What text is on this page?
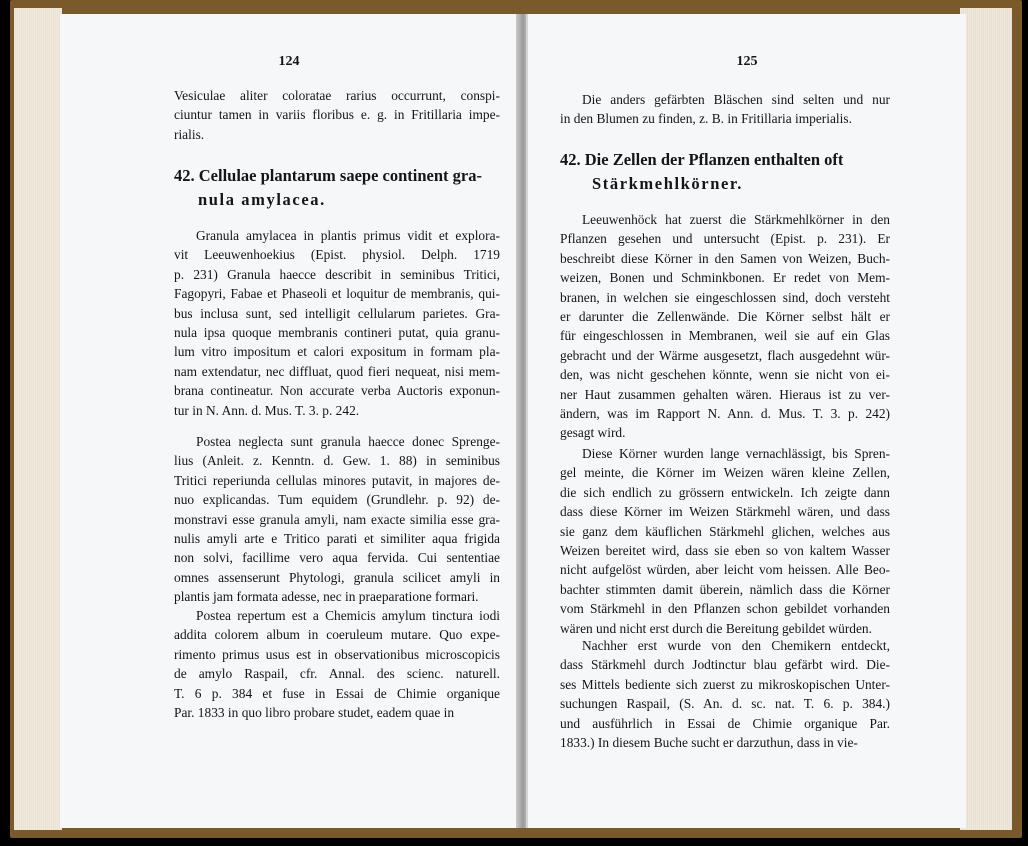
124
Vesiculae aliter coloratae rarius occurrunt, conspi-
ciuntur tamen in variis floribus e. g. in Fritillaria impe-
rialis.
42. Cellulae plantarum saepe continent gra-
nula amylacea.
Granula amylacea in plantis primus vidit et explora-
vit Leeuwenhoekius (Epist. physiol. Delph. 1719
p. 231) Granula haecce describit in seminibus Tritici,
Fagopyri, Fabae et Phaseoli et loquitur de membranis, qui-
bus inclusa sunt, sed intelligit cellularum parietes. Gra-
nula ipsa quoque membranis contineri putat, quia granu-
lum vitro impositum et calori expositum in formam pla-
nam extendatur, nec diffluat, quod fieri nequeat, nisi mem-
brana contineatur. Non accurate verba Auctoris exponun-
tur in N. Ann. d. Mus. T. 3. p. 242.
Postea neglecta sunt granula haecce donec Sprenge-
lius (Anleit. z. Kenntn. d. Gew. 1. 88) in seminibus
Tritici reperiunda cellulas minores putavit, in majores de-
nuo explicandas. Tum equidem (Grundlehr. p. 92) de-
monstravi esse granula amyli, nam exacte similia esse gra-
nulis amyli arte e Tritico parati et similiter aqua frigida
non solvi, facillime vero aqua fervida. Cui sententiae
omnes assenserunt Phytologi, granula scilicet amyli in
plantis jam formata adesse, nec in praeparatione formari.
Postea repertum est a Chemicis amylum tinctura iodi
addita colorem album in coeruleum mutare. Quo expe-
rimento primus usus est in observationibus microscopicis
de amylo Raspail, cfr. Annal. des scienc. naturell.
T. 6 p. 384 et fuse in Essai de Chimie organique
Par. 1833 in quo libro probare studet, eadem quae in
125
Die anders gefärbten Bläschen sind selten und nur
in den Blumen zu finden, z. B. in Fritillaria imperialis.
42. Die Zellen der Pflanzen enthalten oft
Stärkmehlkörner.
Leeuwenhöck hat zuerst die Stärkmehlkörner in den
Pflanzen gesehen und untersucht (Epist. p. 231). Er
beschreibt diese Körner in den Samen von Weizen, Buch-
weizen, Bonen und Schminkbonen. Er redet von Mem-
branen, in welchen sie eingeschlossen sind, doch versteht
er darunter die Zellenwände. Die Körner selbst hält er
für eingeschlossen in Membranen, weil sie auf ein Glas
gebracht und der Wärme ausgesetzt, flach ausgedehnt wür-
den, was nicht geschehen könnte, wenn sie nicht von ei-
ner Haut zusammen gehalten wären. Hieraus ist zu ver-
ändern, was im Rapport N. Ann. d. Mus. T. 3. p. 242)
gesagt wird.
Diese Körner wurden lange vernachlässigt, bis Spren-
gel meinte, die Körner im Weizen wären kleine Zellen,
die sich endlich zu grössern entwickeln. Ich zeigte dann
dass diese Körner im Weizen Stärkmehl wären, und dass
sie ganz dem käuflichen Stärkmehl glichen, welches aus
Weizen bereitet wird, dass sie eben so von kaltem Wasser
nicht aufgelöst würden, aber leicht vom heissen. Alle Beo-
bachter stimmten damit überein, nämlich dass die Körner
vom Stärkmehl in den Pflanzen schon gebildet vorhanden
wären und nicht erst durch die Bereitung gebildet würden.
Nachher erst wurde von den Chemikern entdeckt,
dass Stärkmehl durch Jodtinctur blau gefärbt wird. Die-
ses Mittels bediente sich zuerst zu mikroskopischen Unter-
suchungen Raspail, (S. An. d. sc. nat. T. 6. p. 384.)
und ausführlich in Essai de Chimie organique Par.
1833.) In diesem Buche sucht er darzuthun, dass in vie-
